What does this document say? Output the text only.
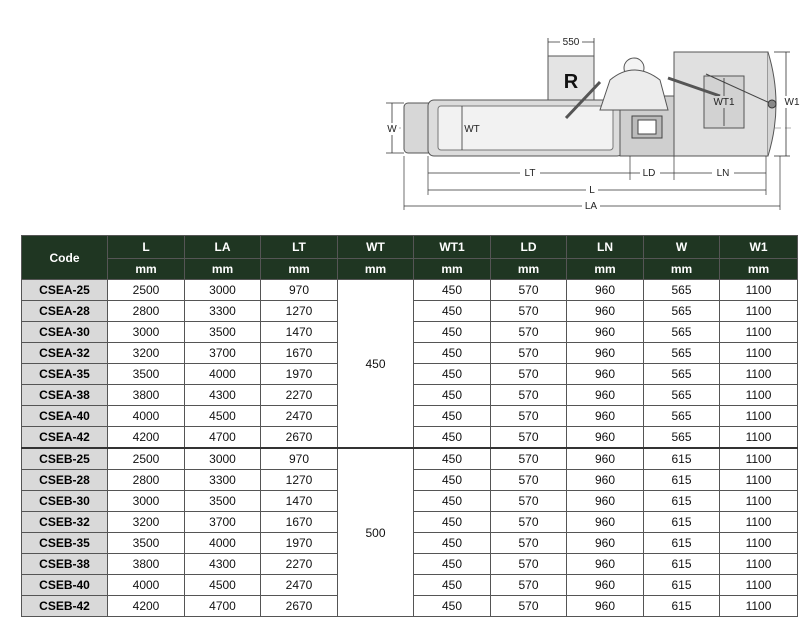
550
R
WT1	W1
W	WT
LT	LD	LN
L
LA
Code	L	LA	LT	WT	WT1	LD	LN	W	W1
	mm	mm	mm	mm	mm	mm	mm	mm	mm
CSEA-25	2500	3000	970	450	450	570	960	565	1100
CSEA-28	2800	3300	1270		450	570	960	565	1100
CSEA-30	3000	3500	1470		450	570	960	565	1100
CSEA-32	3200	3700	1670		450	570	960	565	1100
CSEA-35	3500	4000	1970		450	570	960	565	1100
CSEA-38	3800	4300	2270		450	570	960	565	1100
CSEA-40	4000	4500	2470		450	570	960	565	1100
CSEA-42	4200	4700	2670		450	570	960	565	1100
CSEB-25	2500	3000	970	500	450	570	960	615	1100
CSEB-28	2800	3300	1270		450	570	960	615	1100
CSEB-30	3000	3500	1470		450	570	960	615	1100
CSEB-32	3200	3700	1670		450	570	960	615	1100
CSEB-35	3500	4000	1970		450	570	960	615	1100
CSEB-38	3800	4300	2270		450	570	960	615	1100
CSEB-40	4000	4500	2470		450	570	960	615	1100
CSEB-42	4200	4700	2670		450	570	960	615	1100
